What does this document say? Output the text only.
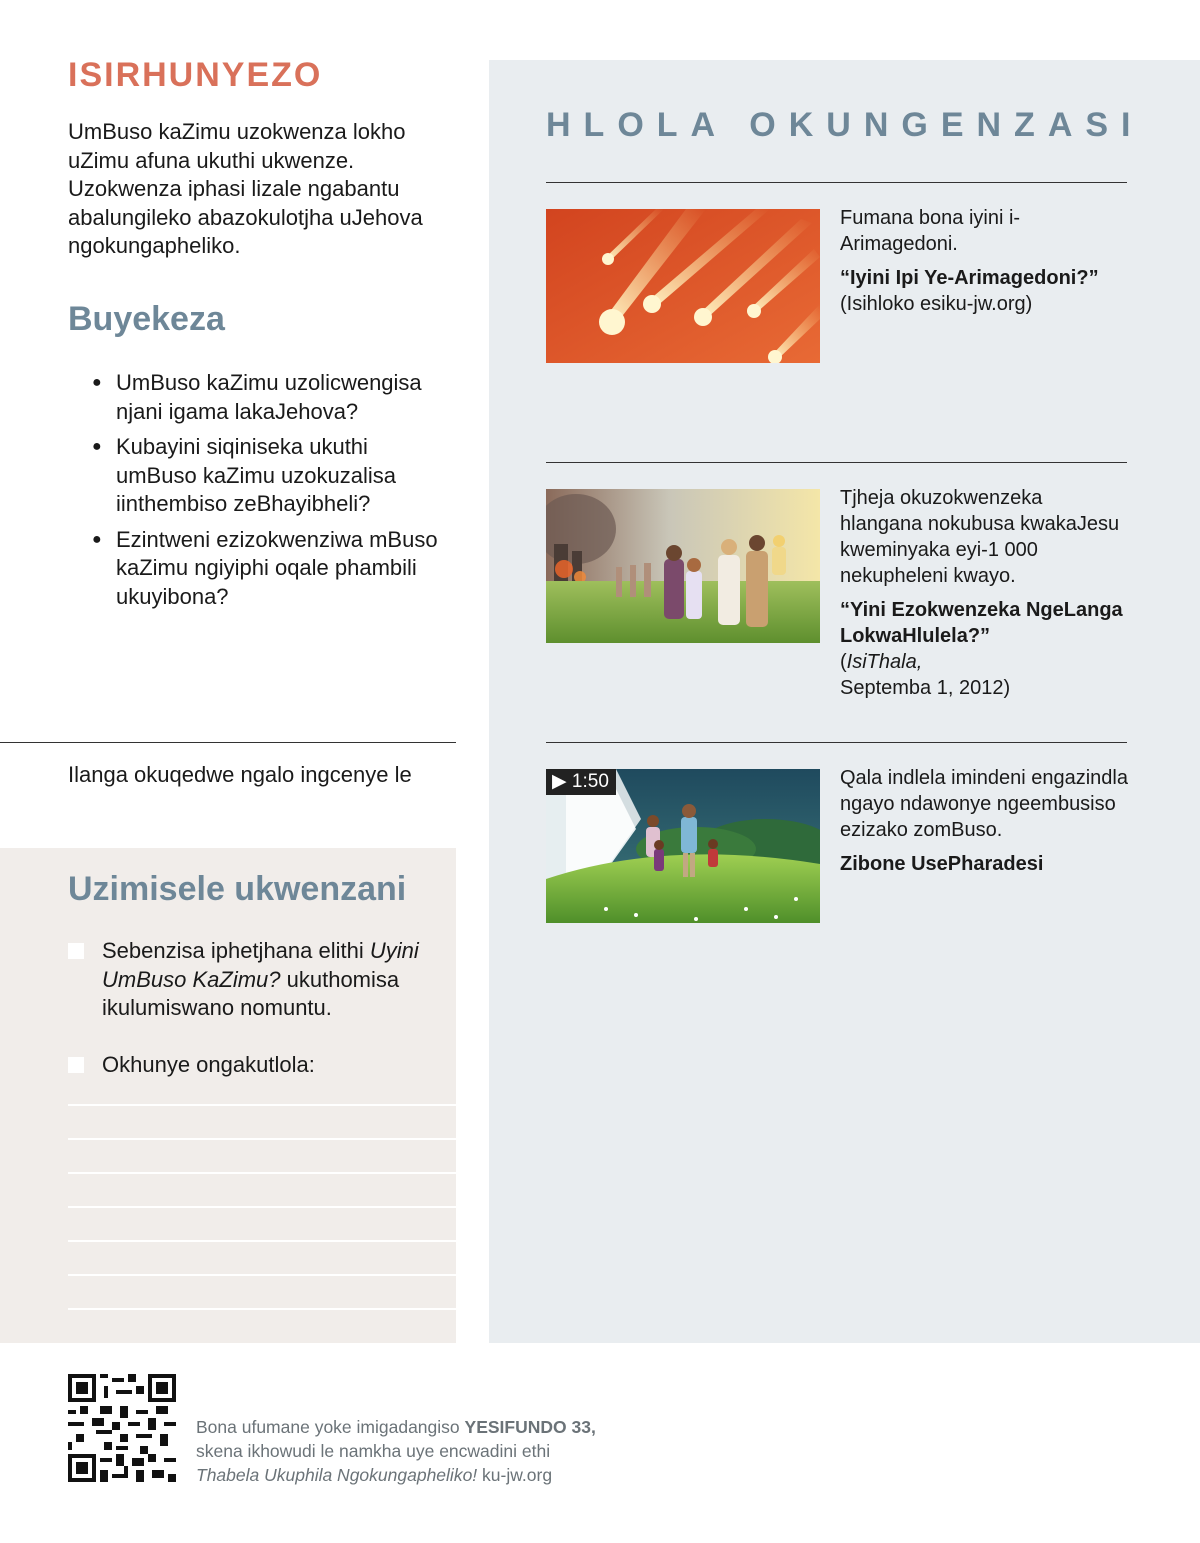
ISIRHUNYEZO

UmBuso kaZimu uzokwenza lokho uZimu afuna ukuthi ukwenze. Uzokwenza iphasi lizale ngabantu abalungileko abazokulotjha uJehova ngokungapheliko.

Buyekeza
● UmBuso kaZimu uzolicwengisa njani igama lakaJehova?
● Kubayini siqiniseka ukuthi umBuso kaZimu uzokuzalisa iinthembiso zeBhayibheli?
● Ezintweni ezizokwenziwa mBuso kaZimu ngiyiphi oqale phambili ukuyibona?

Ilanga okuqedwe ngalo ingcenye le

Uzimisele ukwenzani
Sebenzisa iphetjhana elithi Uyini UmBuso KaZimu? ukuthomisa ikulumiswano nomuntu.
Okhunye ongakutlola:
HLOLA OKUNGENZASI

Fumana bona iyini i-Arimagedoni.
“Iyini Ipi Ye-Arimagedoni?”
(Isihloko esiku-jw.org)

Tjheja okuzokwenzeka hlangana nokubusa kwakaJesu kweminyaka eyi-1 000 nekupheleni kwayo.
“Yini Ezokwenzeka NgeLanga LokwaHlulela?”
(IsiThala,
Septemba 1, 2012)

▶ 1:50	Qala indlela imindeni engazindla ngayo ndawonye ngeembusiso ezizako zomBuso.
Zibone UsePharadesi

Bona ufumane yoke imigadangiso YESIFUNDO 33,
skena ikhowudi le namkha uye encwadini ethi
Thabela Ukuphila Ngokungapheliko! ku-jw.org
